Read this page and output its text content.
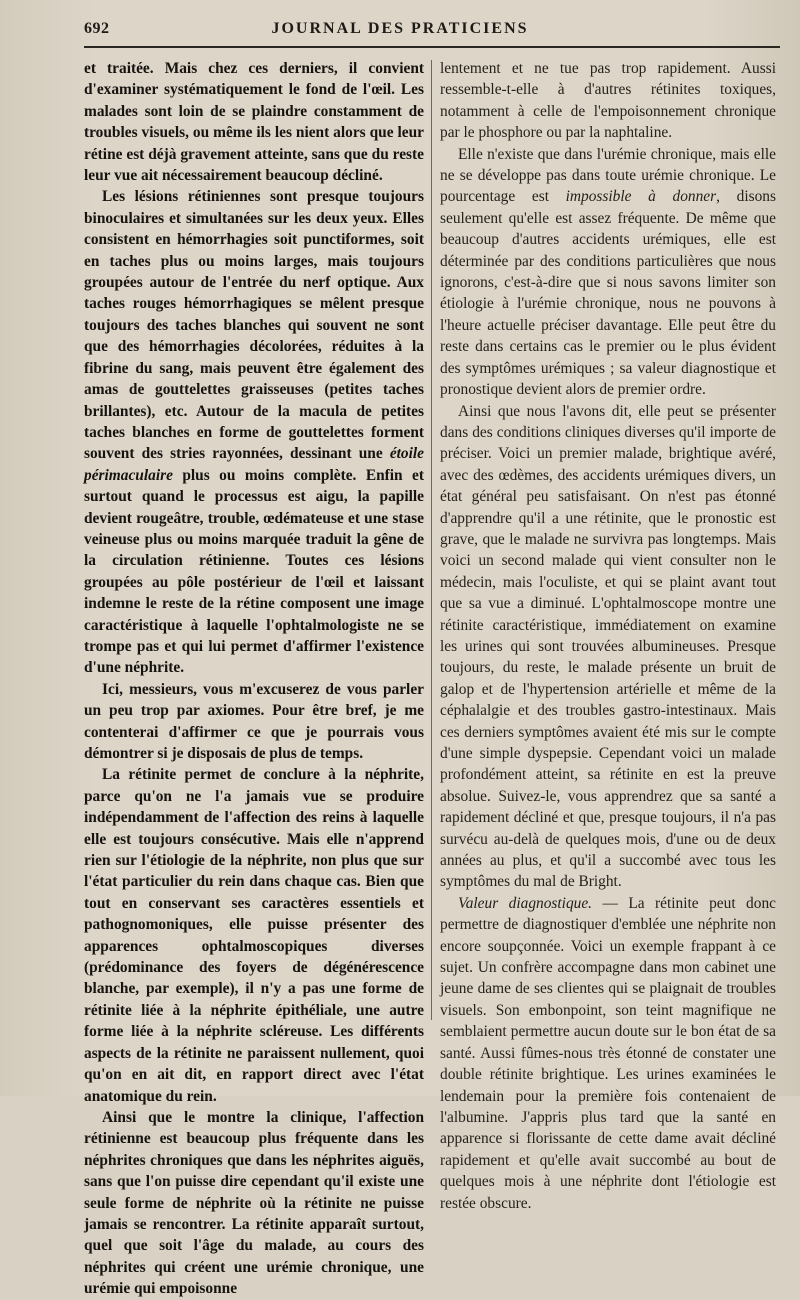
692	JOURNAL DES PRATICIENS

et traitée. Mais chez ces derniers, il convient d'examiner systématiquement le fond de l'œil. Les malades sont loin de se plaindre constamment de troubles visuels, ou même ils les nient alors que leur rétine est déjà gravement atteinte, sans que du reste leur vue ait nécessairement beaucoup décliné.

Les lésions rétiniennes sont presque toujours binoculaires et simultanées sur les deux yeux. Elles consistent en hémorrhagies soit punctiformes, soit en taches plus ou moins larges, mais toujours groupées autour de l'entrée du nerf optique. Aux taches rouges hémorrhagiques se mêlent presque toujours des taches blanches qui souvent ne sont que des hémorrhagies décolorées, réduites à la fibrine du sang, mais peuvent être également des amas de gouttelettes graisseuses (petites taches brillantes), etc. Autour de la macula de petites taches blanches en forme de gouttelettes forment souvent des stries rayonnées, dessinant une étoile périmaculaire plus ou moins complète. Enfin et surtout quand le processus est aigu, la papille devient rougeâtre, trouble, œdémateuse et une stase veineuse plus ou moins marquée traduit la gêne de la circulation rétinienne. Toutes ces lésions groupées au pôle postérieur de l'œil et laissant indemne le reste de la rétine composent une image caractéristique à laquelle l'ophtalmologiste ne se trompe pas et qui lui permet d'affirmer l'existence d'une néphrite.

Ici, messieurs, vous m'excuserez de vous parler un peu trop par axiomes. Pour être bref, je me contenterai d'affirmer ce que je pourrais vous démontrer si je disposais de plus de temps.

La rétinite permet de conclure à la néphrite, parce qu'on ne l'a jamais vue se produire indépendamment de l'affection des reins à laquelle elle est toujours consécutive. Mais elle n'apprend rien sur l'étiologie de la néphrite, non plus que sur l'état particulier du rein dans chaque cas. Bien que tout en conservant ses caractères essentiels et pathognomoniques, elle puisse présenter des apparences ophtalmoscopiques diverses (prédominance des foyers de dégénérescence blanche, par exemple), il n'y a pas une forme de rétinite liée à la néphrite épithéliale, une autre forme liée à la néphrite scléreuse. Les différents aspects de la rétinite ne paraissent nullement, quoi qu'on en ait dit, en rapport direct avec l'état anatomique du rein.

Ainsi que le montre la clinique, l'affection rétinienne est beaucoup plus fréquente dans les néphrites chroniques que dans les néphrites aiguës, sans que l'on puisse dire cependant qu'il existe une seule forme de néphrite où la rétinite ne puisse jamais se rencontrer. La rétinite apparaît surtout, quel que soit l'âge du malade, au cours des néphrites qui créent une urémie chronique, une urémie qui empoisonne

lentement et ne tue pas trop rapidement. Aussi ressemble-t-elle à d'autres rétinites toxiques, notamment à celle de l'empoisonnement chronique par le phosphore ou par la naphtaline.

Elle n'existe que dans l'urémie chronique, mais elle ne se développe pas dans toute urémie chronique. Le pourcentage est impossible à donner, disons seulement qu'elle est assez fréquente. De même que beaucoup d'autres accidents urémiques, elle est déterminée par des conditions particulières que nous ignorons, c'est-à-dire que si nous savons limiter son étiologie à l'urémie chronique, nous ne pouvons à l'heure actuelle préciser davantage. Elle peut être du reste dans certains cas le premier ou le plus évident des symptômes urémiques ; sa valeur diagnostique et pronostique devient alors de premier ordre.

Ainsi que nous l'avons dit, elle peut se présenter dans des conditions cliniques diverses qu'il importe de préciser. Voici un premier malade, brightique avéré, avec des œdèmes, des accidents urémiques divers, un état général peu satisfaisant. On n'est pas étonné d'apprendre qu'il a une rétinite, que le pronostic est grave, que le malade ne survivra pas longtemps. Mais voici un second malade qui vient consulter non le médecin, mais l'oculiste, et qui se plaint avant tout que sa vue a diminué. L'ophtalmoscope montre une rétinite caractéristique, immédiatement on examine les urines qui sont trouvées albumineuses. Presque toujours, du reste, le malade présente un bruit de galop et de l'hypertension artérielle et même de la céphalalgie et des troubles gastro-intestinaux. Mais ces derniers symptômes avaient été mis sur le compte d'une simple dyspepsie. Cependant voici un malade profondément atteint, sa rétinite en est la preuve absolue. Suivez-le, vous apprendrez que sa santé a rapidement décliné et que, presque toujours, il n'a pas survécu au-delà de quelques mois, d'une ou de deux années au plus, et qu'il a succombé avec tous les symptômes du mal de Bright.

Valeur diagnostique. — La rétinite peut donc permettre de diagnostiquer d'emblée une néphrite non encore soupçonnée. Voici un exemple frappant à ce sujet. Un confrère accompagne dans mon cabinet une jeune dame de ses clientes qui se plaignait de troubles visuels. Son embonpoint, son teint magnifique ne semblaient permettre aucun doute sur le bon état de sa santé. Aussi fûmes-nous très étonné de constater une double rétinite brightique. Les urines examinées le lendemain pour la première fois contenaient de l'albumine. J'appris plus tard que la santé en apparence si florissante de cette dame avait décliné rapidement et qu'elle avait succombé au bout de quelques mois à une néphrite dont l'étiologie est restée obscure.
